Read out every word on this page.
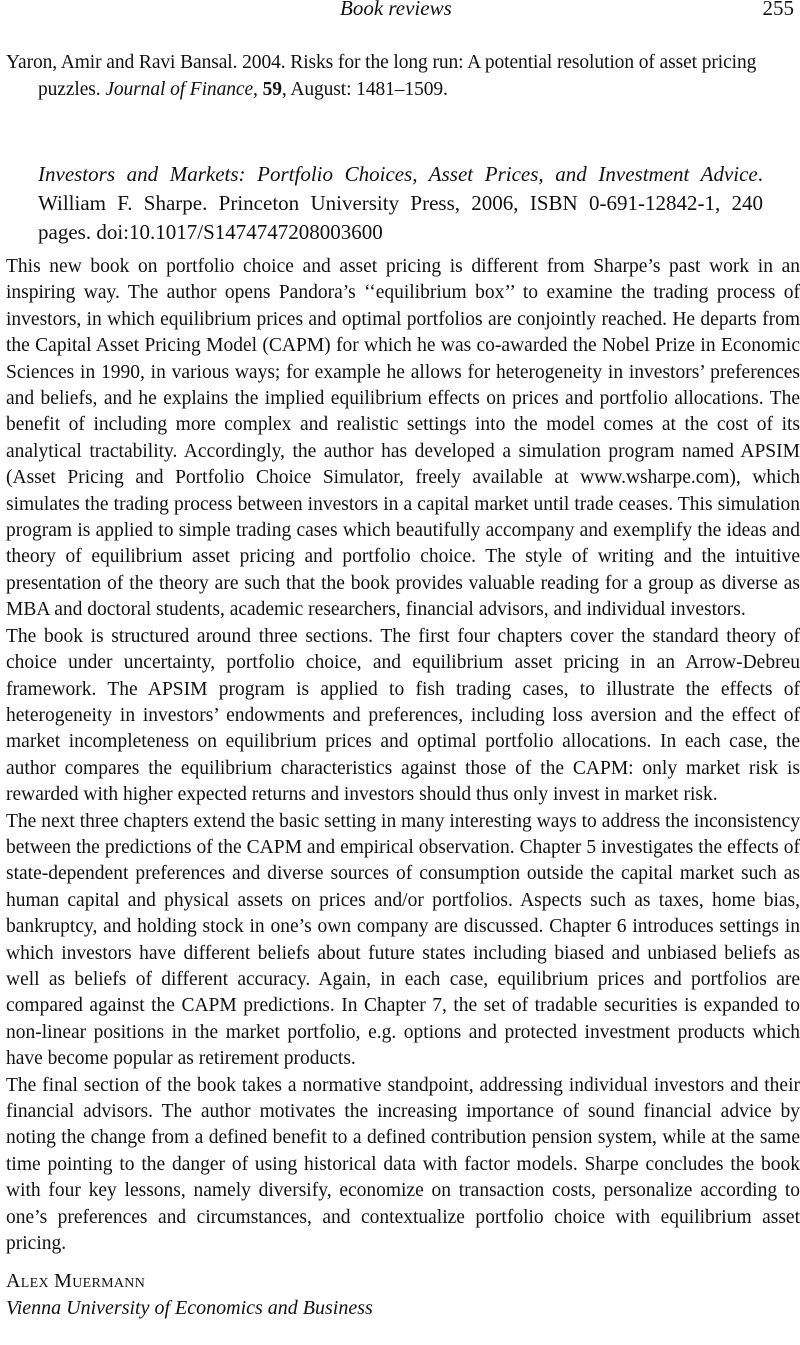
Book reviews	255
Yaron, Amir and Ravi Bansal. 2004. Risks for the long run: A potential resolution of asset pricing puzzles. Journal of Finance, 59, August: 1481–1509.
Investors and Markets: Portfolio Choices, Asset Prices, and Investment Advice. William F. Sharpe. Princeton University Press, 2006, ISBN 0-691-12842-1, 240 pages. doi:10.1017/S1474747208003600

This new book on portfolio choice and asset pricing is different from Sharpe’s past work in an inspiring way. The author opens Pandora’s ‘‘equilibrium box’’ to examine the trading process of investors, in which equilibrium prices and optimal portfolios are conjointly reached. He departs from the Capital Asset Pricing Model (CAPM) for which he was co-awarded the Nobel Prize in Economic Sciences in 1990, in various ways; for example he allows for heterogeneity in investors’ preferences and beliefs, and he explains the implied equilibrium effects on prices and portfolio allocations. The benefit of including more complex and realistic settings into the model comes at the cost of its analytical tractability. Accordingly, the author has developed a simulation program named APSIM (Asset Pricing and Portfolio Choice Simulator, freely available at www.wsharpe.com), which simulates the trading process between investors in a capital market until trade ceases. This simulation program is applied to simple trading cases which beautifully accompany and exemplify the ideas and theory of equilibrium asset pricing and portfolio choice. The style of writing and the intuitive presentation of the theory are such that the book provides valuable reading for a group as diverse as MBA and doctoral students, academic researchers, financial advisors, and individual investors.

The book is structured around three sections. The first four chapters cover the standard theory of choice under uncertainty, portfolio choice, and equilibrium asset pricing in an Arrow-Debreu framework. The APSIM program is applied to fish trading cases, to illustrate the effects of heterogeneity in investors’ endowments and preferences, including loss aversion and the effect of market incompleteness on equilibrium prices and optimal portfolio allocations. In each case, the author compares the equilibrium characteristics against those of the CAPM: only market risk is rewarded with higher expected returns and investors should thus only invest in market risk.

The next three chapters extend the basic setting in many interesting ways to address the inconsistency between the predictions of the CAPM and empirical observation. Chapter 5 investigates the effects of state-dependent preferences and diverse sources of consumption outside the capital market such as human capital and physical assets on prices and/or portfolios. Aspects such as taxes, home bias, bankruptcy, and holding stock in one’s own company are discussed. Chapter 6 introduces settings in which investors have different beliefs about future states including biased and unbiased beliefs as well as beliefs of different accuracy. Again, in each case, equilibrium prices and portfolios are compared against the CAPM predictions. In Chapter 7, the set of tradable securities is expanded to non-linear positions in the market portfolio, e.g. options and protected investment products which have become popular as retirement products.

The final section of the book takes a normative standpoint, addressing individual investors and their financial advisors. The author motivates the increasing importance of sound financial advice by noting the change from a defined benefit to a defined contribution pension system, while at the same time pointing to the danger of using historical data with factor models. Sharpe concludes the book with four key lessons, namely diversify, economize on transaction costs, personalize according to one’s preferences and circumstances, and contextualize portfolio choice with equilibrium asset pricing.

Alex Muermann
Vienna University of Economics and Business
